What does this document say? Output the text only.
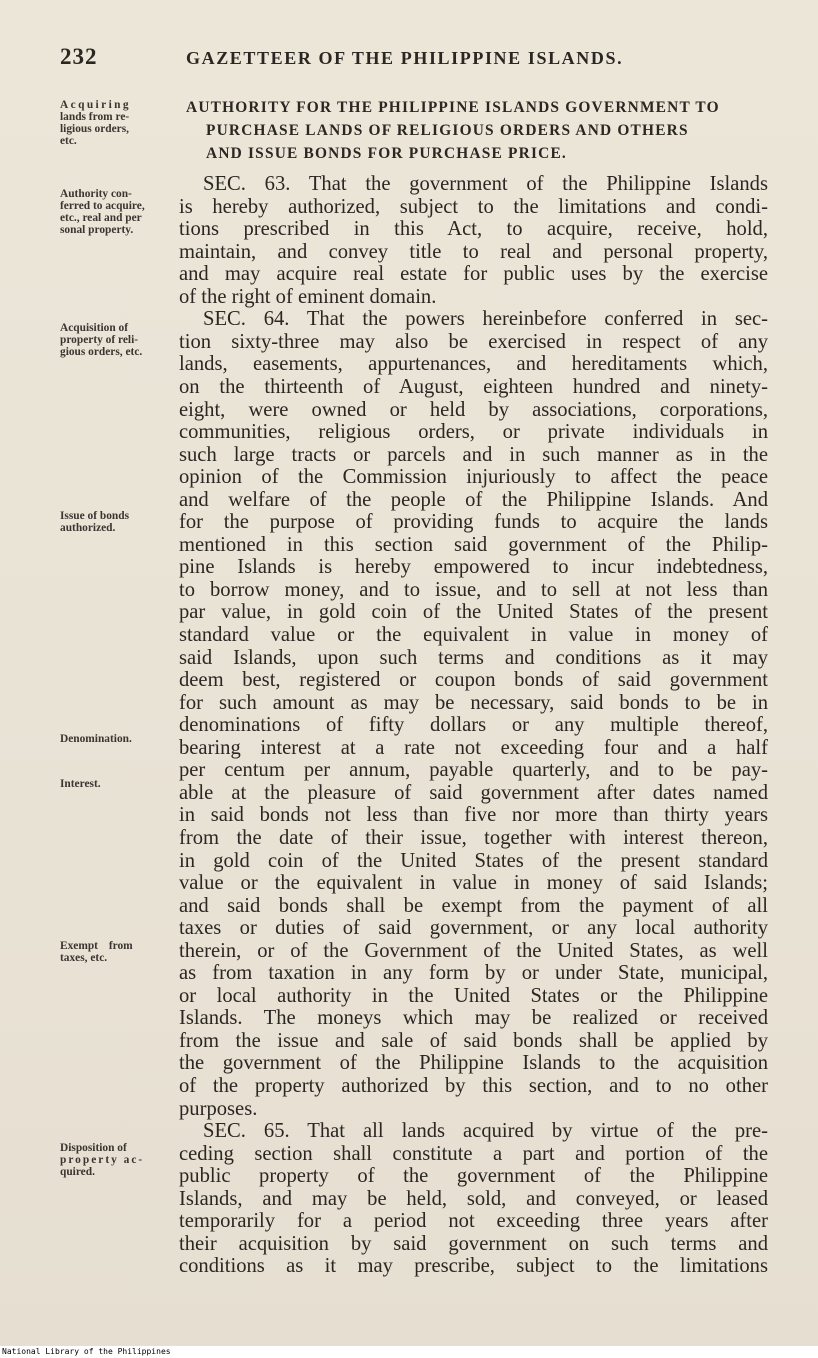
232	GAZETTEER OF THE PHILIPPINE ISLANDS.
AUTHORITY FOR THE PHILIPPINE ISLANDS GOVERNMENT TO
PURCHASE LANDS OF RELIGIOUS ORDERS AND OTHERS
AND ISSUE BONDS FOR PURCHASE PRICE.
Acquiring
lands from re-
ligious orders,
etc.
Authority con-
ferred to acquire,
etc., real and per
sonal property.
Acquisition of
property of reli-
gious orders, etc.
Issue of bonds
authorized.
Denomination.
Interest.
Exempt from
taxes, etc.
Disposition of
property ac-
quired.
SEC. 63. That the government of the Philippine Islands
is hereby authorized, subject to the limitations and condi-
tions prescribed in this Act, to acquire, receive, hold,
maintain, and convey title to real and personal property,
and may acquire real estate for public uses by the exercise
of the right of eminent domain.
SEC. 64. That the powers hereinbefore conferred in sec-
tion sixty-three may also be exercised in respect of any
lands, easements, appurtenances, and hereditaments which,
on the thirteenth of August, eighteen hundred and ninety-
eight, were owned or held by associations, corporations,
communities, religious orders, or private individuals in
such large tracts or parcels and in such manner as in the
opinion of the Commission injuriously to affect the peace
and welfare of the people of the Philippine Islands. And
for the purpose of providing funds to acquire the lands
mentioned in this section said government of the Philip-
pine Islands is hereby empowered to incur indebtedness,
to borrow money, and to issue, and to sell at not less than
par value, in gold coin of the United States of the present
standard value or the equivalent in value in money of
said Islands, upon such terms and conditions as it may
deem best, registered or coupon bonds of said government
for such amount as may be necessary, said bonds to be in
denominations of fifty dollars or any multiple thereof,
bearing interest at a rate not exceeding four and a half
per centum per annum, payable quarterly, and to be pay-
able at the pleasure of said government after dates named
in said bonds not less than five nor more than thirty years
from the date of their issue, together with interest thereon,
in gold coin of the United States of the present standard
value or the equivalent in value in money of said Islands;
and said bonds shall be exempt from the payment of all
taxes or duties of said government, or any local authority
therein, or of the Government of the United States, as well
as from taxation in any form by or under State, municipal,
or local authority in the United States or the Philippine
Islands. The moneys which may be realized or received
from the issue and sale of said bonds shall be applied by
the government of the Philippine Islands to the acquisition
of the property authorized by this section, and to no other
purposes.
SEC. 65. That all lands acquired by virtue of the pre-
ceding section shall constitute a part and portion of the
public property of the government of the Philippine
Islands, and may be held, sold, and conveyed, or leased
temporarily for a period not exceeding three years after
their acquisition by said government on such terms and
conditions as it may prescribe, subject to the limitations
National Library of the Philippines
